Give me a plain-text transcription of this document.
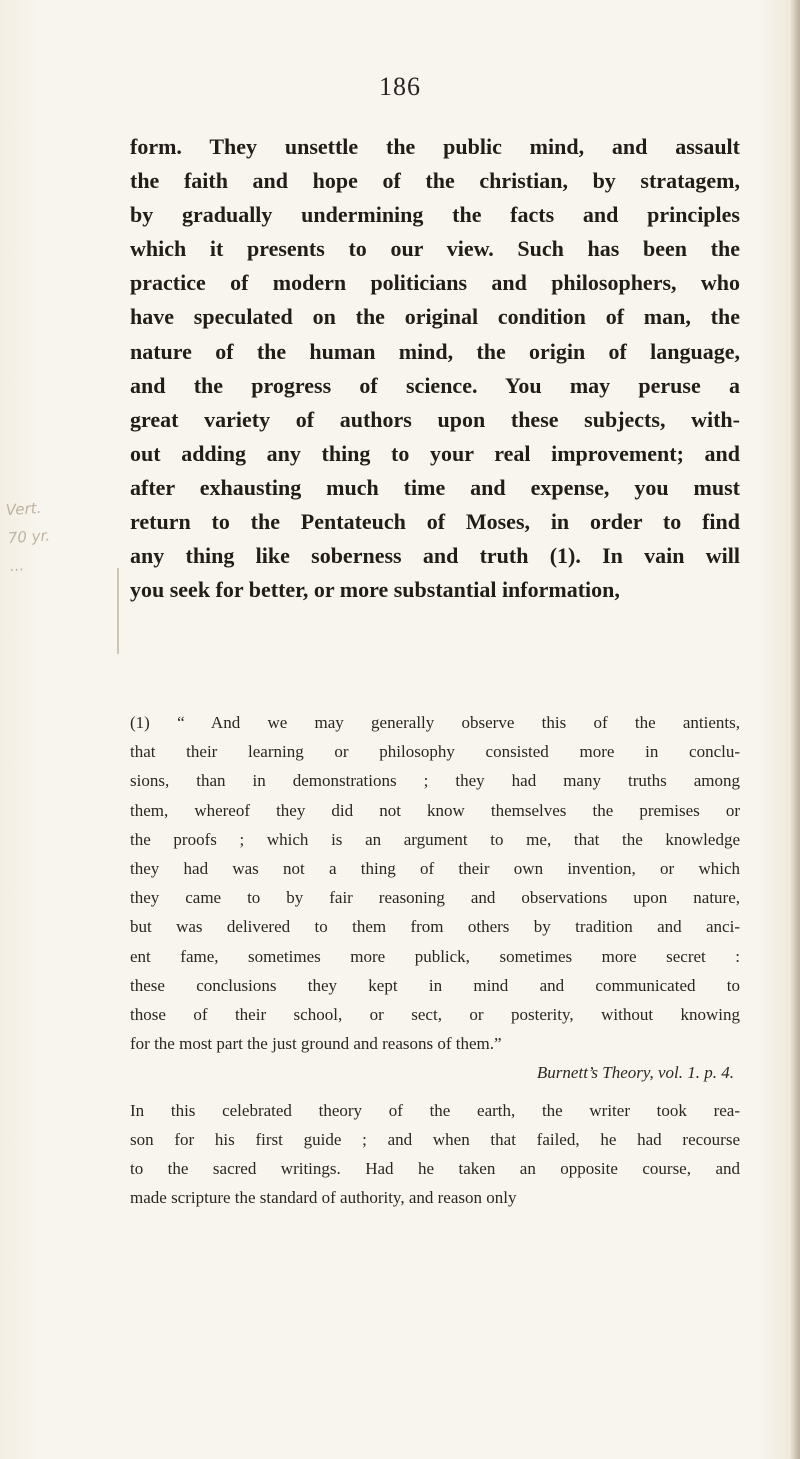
186
Vert.
70 yr.
...
form. They unsettle the public mind, and assault
the faith and hope of the christian, by stratagem,
by gradually undermining the facts and principles
which it presents to our view. Such has been the
practice of modern politicians and philosophers, who
have speculated on the original condition of man, the
nature of the human mind, the origin of language,
and the progress of science. You may peruse a
great variety of authors upon these subjects, with-
out adding any thing to your real improvement; and
after exhausting much time and expense, you must
return to the Pentateuch of Moses, in order to find
any thing like soberness and truth (1). In vain will
you seek for better, or more substantial information,
(1) “ And we may generally observe this of the antients,
that their learning or philosophy consisted more in conclu-
sions, than in demonstrations ; they had many truths among
them, whereof they did not know themselves the premises or
the proofs ; which is an argument to me, that the knowledge
they had was not a thing of their own invention, or which
they came to by fair reasoning and observations upon nature,
but was delivered to them from others by tradition and anci-
ent fame, sometimes more publick, sometimes more secret :
these conclusions they kept in mind and communicated to
those of their school, or sect, or posterity, without knowing
for the most part the just ground and reasons of them.”
Burnett’s Theory, vol. 1. p. 4.
In this celebrated theory of the earth, the writer took rea-
son for his first guide ; and when that failed, he had recourse
to the sacred writings. Had he taken an opposite course, and
made scripture the standard of authority, and reason only
